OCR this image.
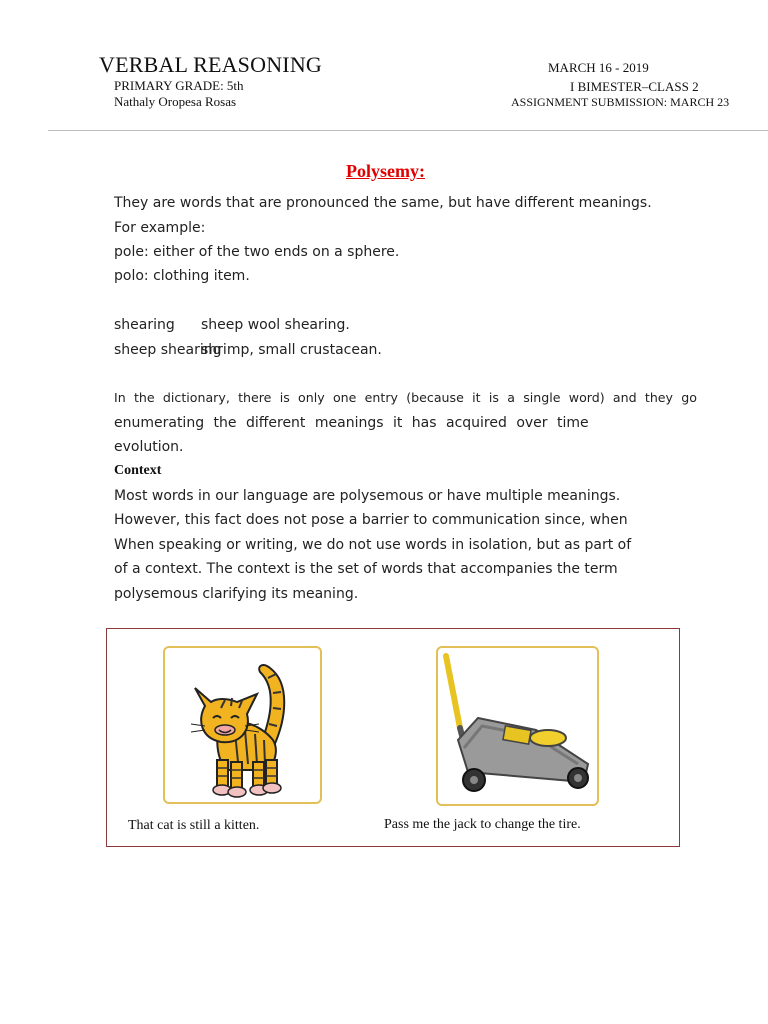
VERBAL REASONING
PRIMARY GRADE: 5th
Nathaly Oropesa Rosas
MARCH 16 - 2019
I BIMESTER–CLASS 2
ASSIGNMENT SUBMISSION: MARCH 23
Polysemy:
They are words that are pronounced the same, but have different meanings.
For example:
pole: either of the two ends on a sphere.
polo: clothing item.
shearing sheep wool shearing.
sheep shearing
shrimp, small crustacean.
In the dictionary, there is only one entry (because it is a single word) and they go
enumerating the different meanings it has acquired over time
evolution.
Context
Most words in our language are polysemous or have multiple meanings.
However, this fact does not pose a barrier to communication since, when
When speaking or writing, we do not use words in isolation, but as part of
of a context. The context is the set of words that accompanies the term
polysemous clarifying its meaning.
That cat is still a kitten.	Pass me the jack to change the tire.
